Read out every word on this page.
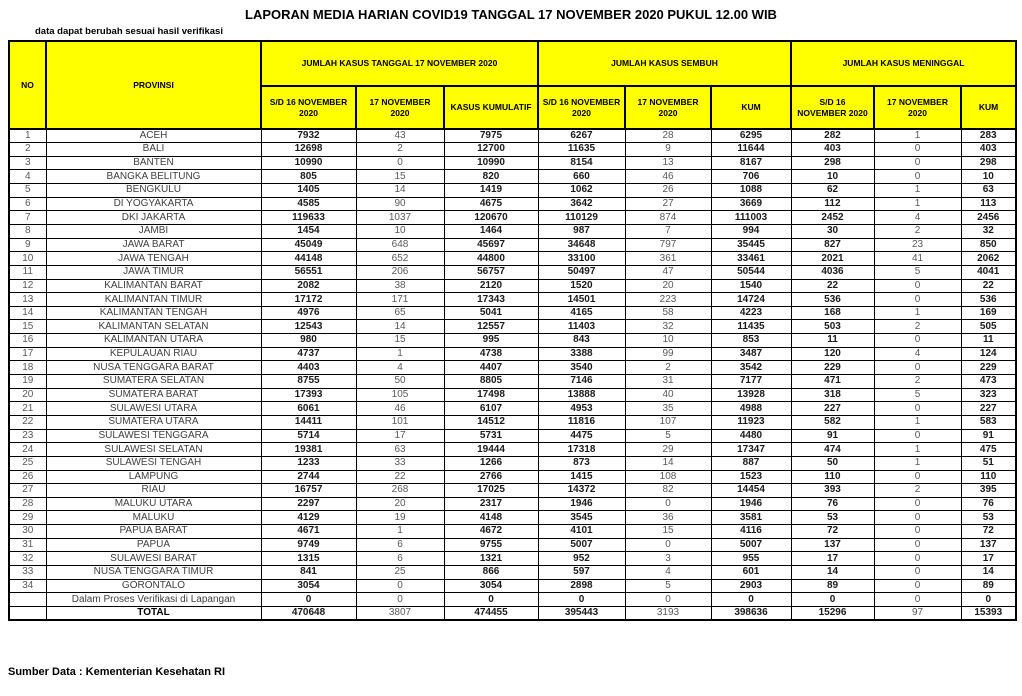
LAPORAN MEDIA HARIAN COVID19 TANGGAL 17 NOVEMBER 2020 PUKUL 12.00 WIB
data dapat berubah sesuai hasil verifikasi
NO	PROVINSI	JUMLAH KASUS TANGGAL 17 NOVEMBER 2020			JUMLAH KASUS SEMBUH			JUMLAH KASUS MENINGGAL		
		S/D 16 NOVEMBER 2020	17 NOVEMBER 2020	KASUS KUMULATIF	S/D 16 NOVEMBER 2020	17 NOVEMBER 2020	KUM	S/D 16 NOVEMBER 2020	17 NOVEMBER 2020	KUM
1	ACEH	7932	43	7975	6267	28	6295	282	1	283
2	BALI	12698	2	12700	11635	9	11644	403	0	403
3	BANTEN	10990	0	10990	8154	13	8167	298	0	298
4	BANGKA BELITUNG	805	15	820	660	46	706	10	0	10
5	BENGKULU	1405	14	1419	1062	26	1088	62	1	63
6	DI YOGYAKARTA	4585	90	4675	3642	27	3669	112	1	113
7	DKI JAKARTA	119633	1037	120670	110129	874	111003	2452	4	2456
8	JAMBI	1454	10	1464	987	7	994	30	2	32
9	JAWA BARAT	45049	648	45697	34648	797	35445	827	23	850
10	JAWA TENGAH	44148	652	44800	33100	361	33461	2021	41	2062
11	JAWA TIMUR	56551	206	56757	50497	47	50544	4036	5	4041
12	KALIMANTAN BARAT	2082	38	2120	1520	20	1540	22	0	22
13	KALIMANTAN TIMUR	17172	171	17343	14501	223	14724	536	0	536
14	KALIMANTAN TENGAH	4976	65	5041	4165	58	4223	168	1	169
15	KALIMANTAN SELATAN	12543	14	12557	11403	32	11435	503	2	505
16	KALIMANTAN UTARA	980	15	995	843	10	853	11	0	11
17	KEPULAUAN RIAU	4737	1	4738	3388	99	3487	120	4	124
18	NUSA TENGGARA BARAT	4403	4	4407	3540	2	3542	229	0	229
19	SUMATERA SELATAN	8755	50	8805	7146	31	7177	471	2	473
20	SUMATERA BARAT	17393	105	17498	13888	40	13928	318	5	323
21	SULAWESI UTARA	6061	46	6107	4953	35	4988	227	0	227
22	SUMATERA UTARA	14411	101	14512	11816	107	11923	582	1	583
23	SULAWESI TENGGARA	5714	17	5731	4475	5	4480	91	0	91
24	SULAWESI SELATAN	19381	63	19444	17318	29	17347	474	1	475
25	SULAWESI TENGAH	1233	33	1266	873	14	887	50	1	51
26	LAMPUNG	2744	22	2766	1415	108	1523	110	0	110
27	RIAU	16757	268	17025	14372	82	14454	393	2	395
28	MALUKU UTARA	2297	20	2317	1946	0	1946	76	0	76
29	MALUKU	4129	19	4148	3545	36	3581	53	0	53
30	PAPUA BARAT	4671	1	4672	4101	15	4116	72	0	72
31	PAPUA	9749	6	9755	5007	0	5007	137	0	137
32	SULAWESI BARAT	1315	6	1321	952	3	955	17	0	17
33	NUSA TENGGARA TIMUR	841	25	866	597	4	601	14	0	14
34	GORONTALO	3054	0	3054	2898	5	2903	89	0	89
	Dalam Proses Verifikasi di Lapangan	0	0	0	0	0	0	0	0	0
	TOTAL	470648	3807	474455	395443	3193	398636	15296	97	15393
Sumber Data : Kementerian Kesehatan RI
